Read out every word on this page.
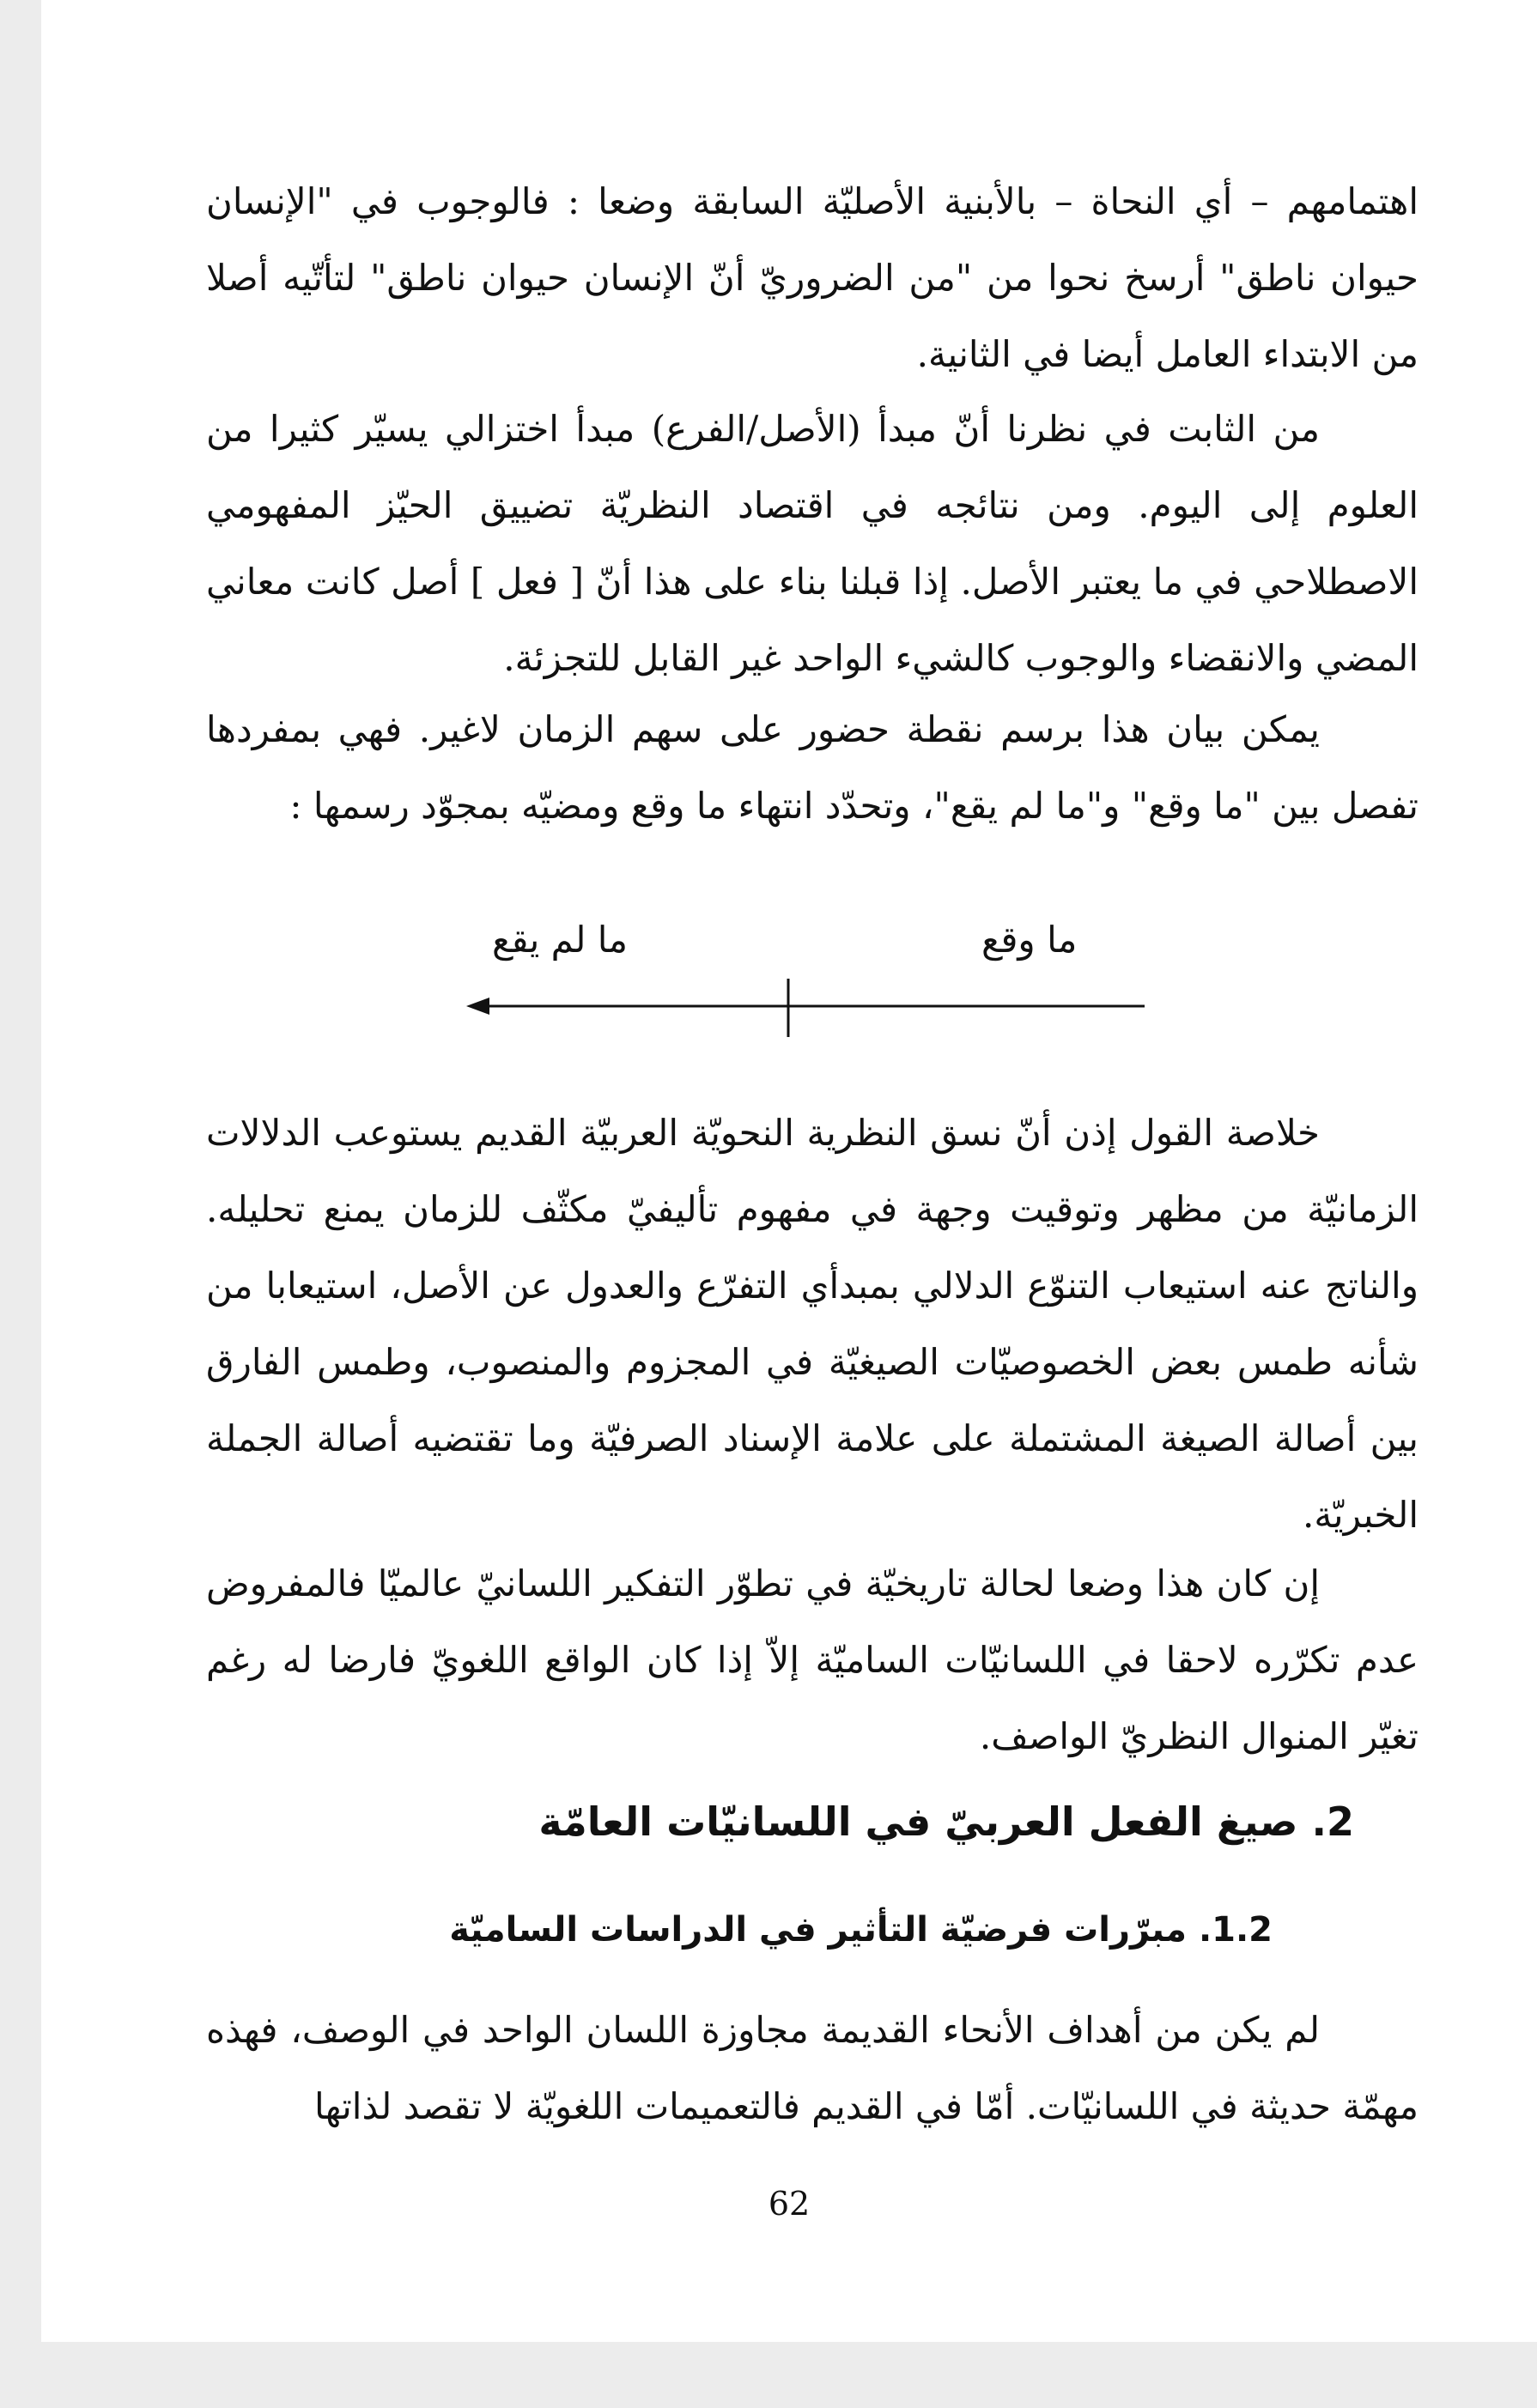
اهتمامهم – أي النحاة – بالأبنية الأصليّة السابقة وضعا : فالوجوب في "الإنسان حيوان ناطق" أرسخ نحوا من "من الضروريّ أنّ الإنسان حيوان ناطق" لتأتّيه أصلا من الابتداء العامل أيضا في الثانية.

من الثابت في نظرنا أنّ مبدأ (الأصل/الفرع) مبدأ اختزالي يسيّر كثيرا من العلوم إلى اليوم. ومن نتائجه في اقتصاد النظريّة تضييق الحيّز المفهومي الاصطلاحي في ما يعتبر الأصل. إذا قبلنا بناء على هذا أنّ [ فعل ] أصل كانت معاني المضي والانقضاء والوجوب كالشيء الواحد غير القابل للتجزئة.

يمكن بيان هذا برسم نقطة حضور على سهم الزمان لاغير. فهي بمفردها تفصل بين "ما وقع" و"ما لم يقع"، وتحدّد انتهاء ما وقع ومضيّه بمجوّد رسمها :

ما وقع
ما لم يقع

خلاصة القول إذن أنّ نسق النظرية النحويّة العربيّة القديم يستوعب الدلالات الزمانيّة من مظهر وتوقيت وجهة في مفهوم تأليفيّ مكثّف للزمان يمنع تحليله. والناتج عنه استيعاب التنوّع الدلالي بمبدأي التفرّع والعدول عن الأصل، استيعابا من شأنه طمس بعض الخصوصيّات الصيغيّة في المجزوم والمنصوب، وطمس الفارق بين أصالة الصيغة المشتملة على علامة الإسناد الصرفيّة وما تقتضيه أصالة الجملة الخبريّة.

إن كان هذا وضعا لحالة تاريخيّة في تطوّر التفكير اللسانيّ عالميّا فالمفروض عدم تكرّره لاحقا في اللسانيّات الساميّة إلاّ إذا كان الواقع اللغويّ فارضا له رغم تغيّر المنوال النظريّ الواصف.

2. صيغ الفعل العربيّ في اللسانيّات العامّة
1.2. مبرّرات فرضيّة التأثير في الدراسات الساميّة

لم يكن من أهداف الأنحاء القديمة مجاوزة اللسان الواحد في الوصف، فهذه مهمّة حديثة في اللسانيّات. أمّا في القديم فالتعميمات اللغويّة لا تقصد لذاتها

62
